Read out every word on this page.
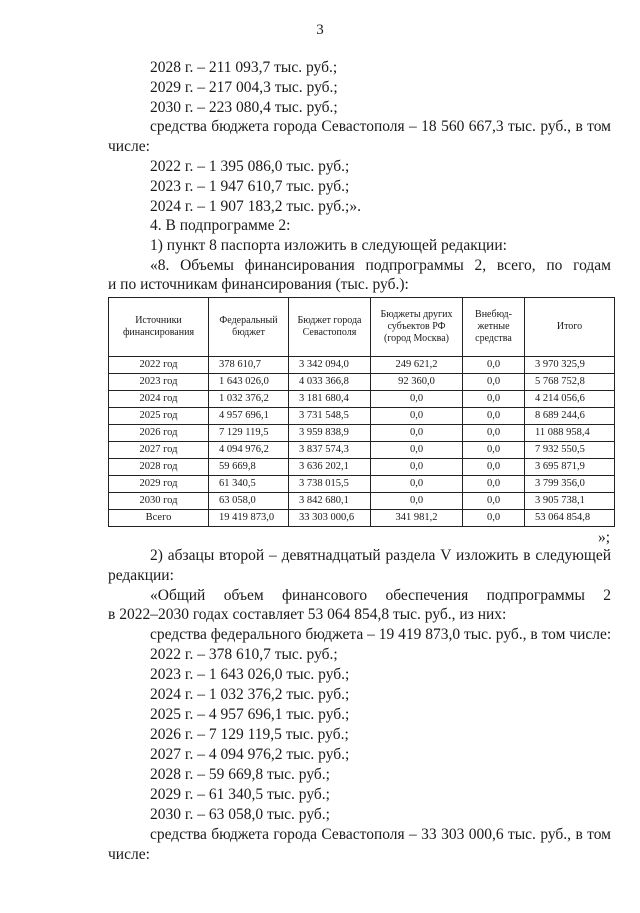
3
2028 г. – 211 093,7 тыс. руб.;
2029 г. – 217 004,3 тыс. руб.;
2030 г. – 223 080,4 тыс. руб.;
средства бюджета города Севастополя – 18 560 667,3 тыс. руб., в том
числе:
2022 г. – 1 395 086,0 тыс. руб.;
2023 г. – 1 947 610,7 тыс. руб.;
2024 г. – 1 907 183,2 тыс. руб.;».
4. В подпрограмме 2:
1) пункт 8 паспорта изложить в следующей редакции:
«8. Объемы финансирования подпрограммы 2, всего, по годам
и по источникам финансирования (тыс. руб.):
Источники финансирования	Федеральный бюджет	Бюджет города Севастополя	Бюджеты других субъектов РФ (город Москва)	Внебюд-жетные средства	Итого
2022 год	378 610,7	3 342 094,0	249 621,2	0,0	3 970 325,9
2023 год	1 643 026,0	4 033 366,8	92 360,0	0,0	5 768 752,8
2024 год	1 032 376,2	3 181 680,4	0,0	0,0	4 214 056,6
2025 год	4 957 696,1	3 731 548,5	0,0	0,0	8 689 244,6
2026 год	7 129 119,5	3 959 838,9	0,0	0,0	11 088 958,4
2027 год	4 094 976,2	3 837 574,3	0,0	0,0	7 932 550,5
2028 год	59 669,8	3 636 202,1	0,0	0,0	3 695 871,9
2029 год	61 340,5	3 738 015,5	0,0	0,0	3 799 356,0
2030 год	63 058,0	3 842 680,1	0,0	0,0	3 905 738,1
Всего	19 419 873,0	33 303 000,6	341 981,2	0,0	53 064 854,8
»;
2) абзацы второй – девятнадцатый раздела V изложить в следующей
редакции:
«Общий объем финансового обеспечения подпрограммы 2
в 2022–2030 годах составляет 53 064 854,8 тыс. руб., из них:
средства федерального бюджета – 19 419 873,0 тыс. руб., в том числе:
2022 г. – 378 610,7 тыс. руб.;
2023 г. – 1 643 026,0 тыс. руб.;
2024 г. – 1 032 376,2 тыс. руб.;
2025 г. – 4 957 696,1 тыс. руб.;
2026 г. – 7 129 119,5 тыс. руб.;
2027 г. – 4 094 976,2 тыс. руб.;
2028 г. – 59 669,8 тыс. руб.;
2029 г. – 61 340,5 тыс. руб.;
2030 г. – 63 058,0 тыс. руб.;
средства бюджета города Севастополя – 33 303 000,6 тыс. руб., в том
числе:
